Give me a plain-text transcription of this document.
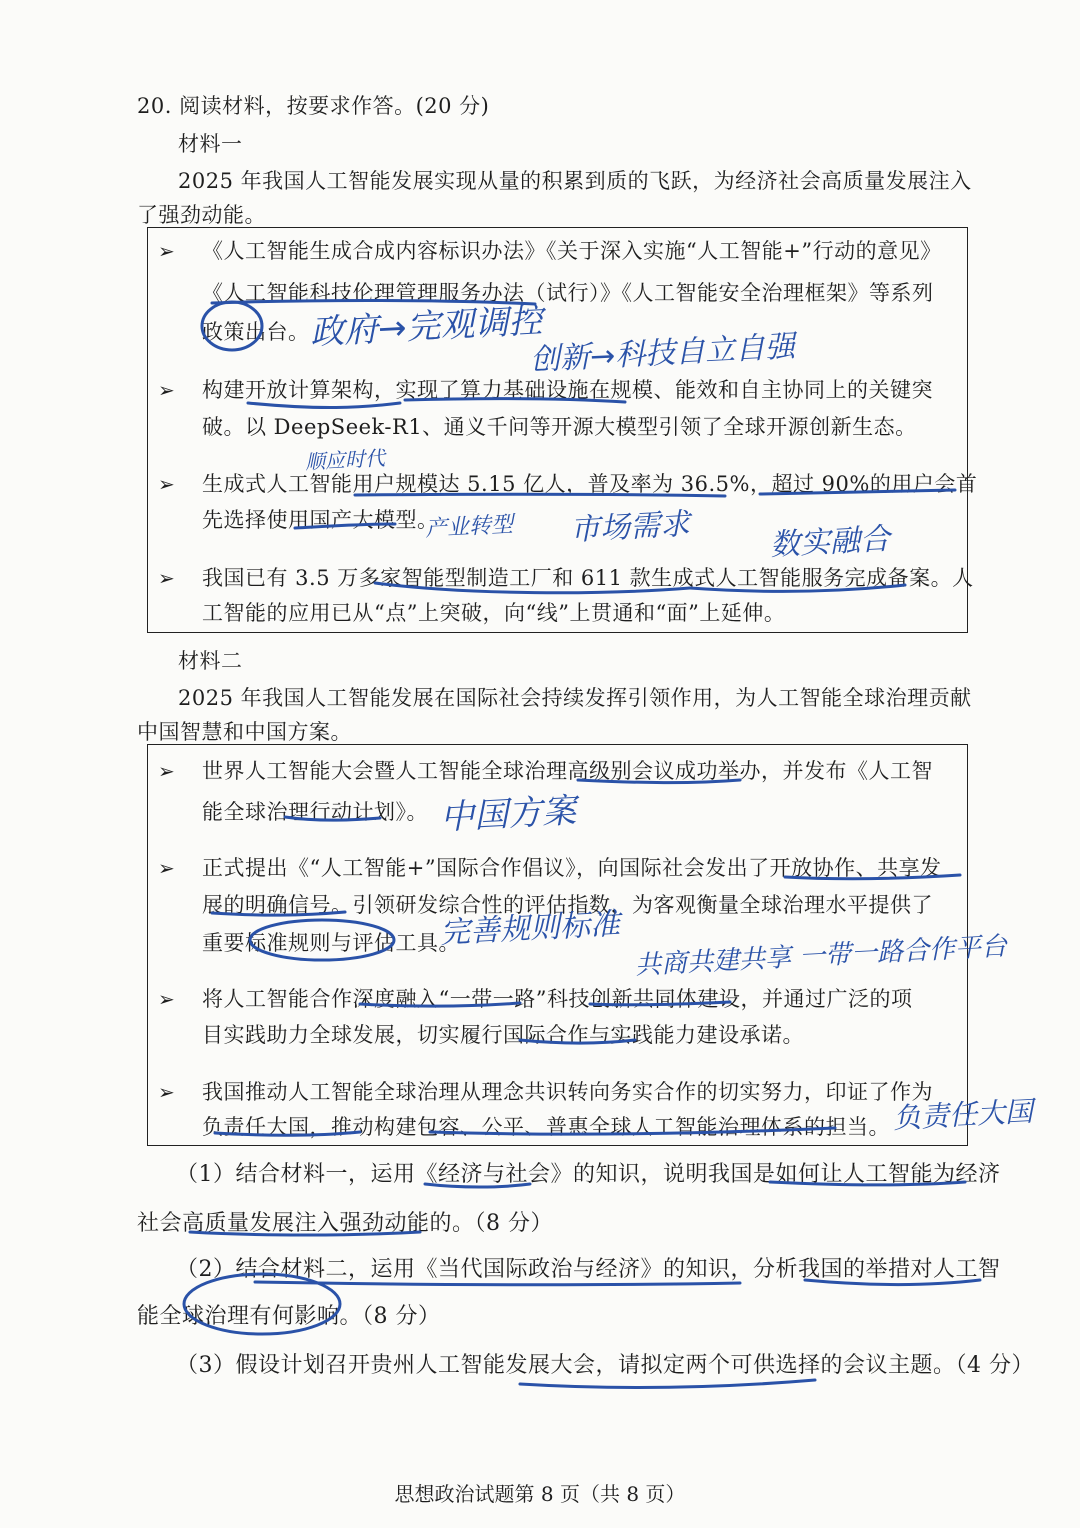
20. 阅读材料，按要求作答。(20 分)
材料一
2025 年我国人工智能发展实现从量的积累到质的飞跃，为经济社会高质量发展注入
了强劲动能。
➢ 《人工智能生成合成内容标识办法》《关于深入实施“人工智能+”行动的意见》
《人工智能科技伦理管理服务办法（试行）》《人工智能安全治理框架》等系列
政策出台。
➢ 构建开放计算架构，实现了算力基础设施在规模、能效和自主协同上的关键突
破。以 DeepSeek-R1、通义千问等开源大模型引领了全球开源创新生态。
➢ 生成式人工智能用户规模达 5.15 亿人，普及率为 36.5%，超过 90%的用户会首
先选择使用国产大模型。
➢ 我国已有 3.5 万多家智能型制造工厂和 611 款生成式人工智能服务完成备案。人
工智能的应用已从“点”上突破，向“线”上贯通和“面”上延伸。
材料二
2025 年我国人工智能发展在国际社会持续发挥引领作用，为人工智能全球治理贡献
中国智慧和中国方案。
➢ 世界人工智能大会暨人工智能全球治理高级别会议成功举办，并发布《人工智
能全球治理行动计划》。
➢ 正式提出《“人工智能+”国际合作倡议》，向国际社会发出了开放协作、共享发
展的明确信号。引领研发综合性的评估指数，为客观衡量全球治理水平提供了
重要标准规则与评估工具。
➢ 将人工智能合作深度融入“一带一路”科技创新共同体建设，并通过广泛的项
目实践助力全球发展，切实履行国际合作与实践能力建设承诺。
➢ 我国推动人工智能全球治理从理念共识转向务实合作的切实努力，印证了作为
负责任大国，推动构建包容、公平、普惠全球人工智能治理体系的担当。
（1）结合材料一，运用《经济与社会》的知识，说明我国是如何让人工智能为经济
社会高质量发展注入强劲动能的。（8 分）
（2）结合材料二，运用《当代国际政治与经济》的知识，分析我国的举措对人工智
能全球治理有何影响。（8 分）
（3）假设计划召开贵州人工智能发展大会，请拟定两个可供选择的会议主题。（4 分）
政府→完观调控
创新→科技自立自强
顺应时代
产业转型 市场需求	数实融合
中国方案
完善规则标准
共商共建共享 一带一路合作平台
负责任大国
思想政治试题第 8 页（共 8 页）
